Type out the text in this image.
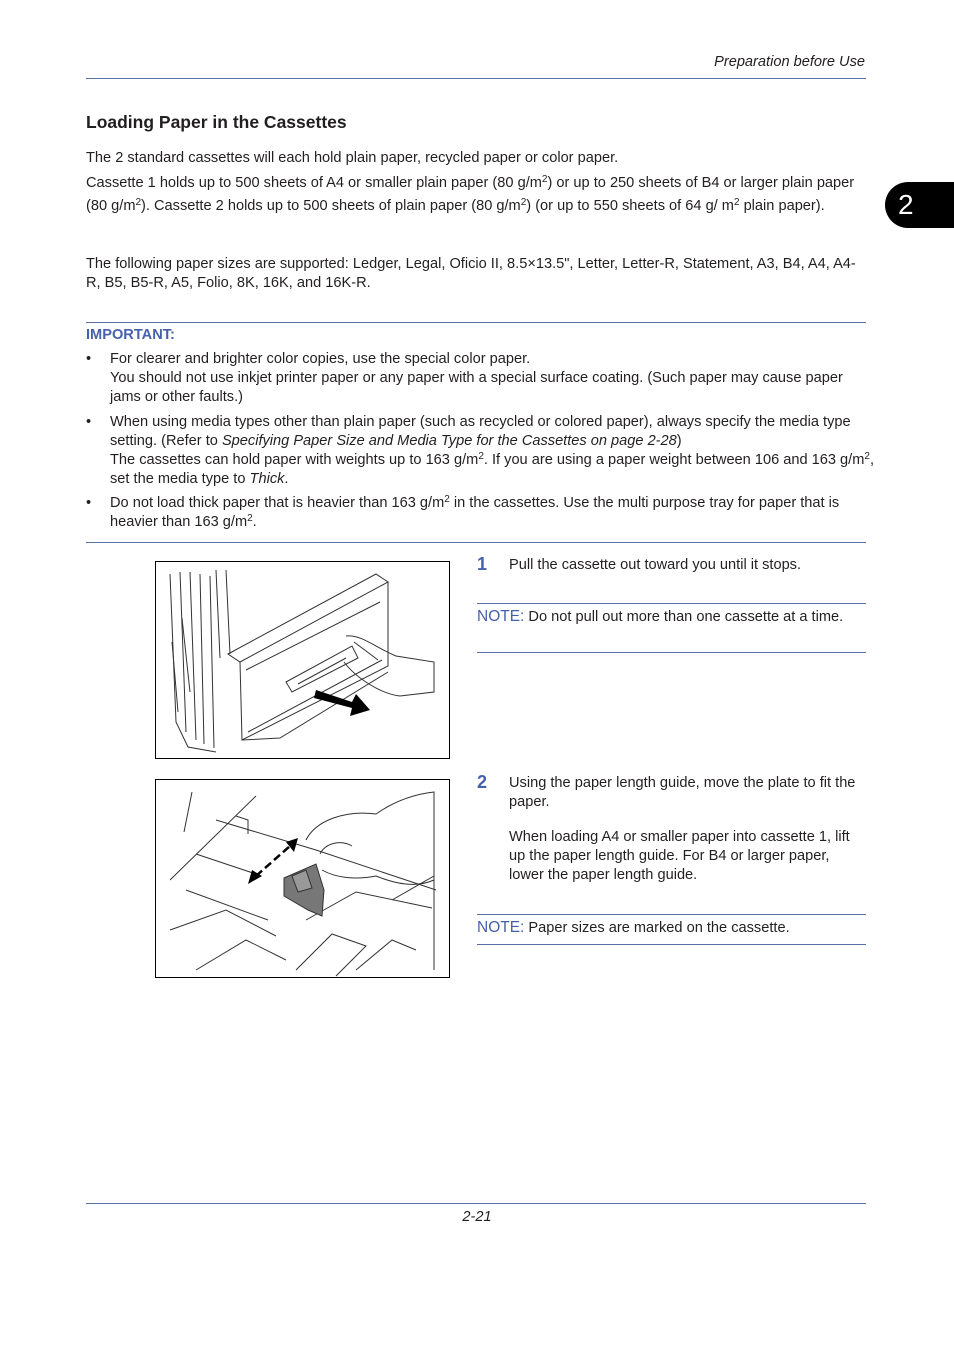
Preparation before Use
2
Loading Paper in the Cassettes
The 2 standard cassettes will each hold plain paper, recycled paper or color paper.
Cassette 1 holds up to 500 sheets of A4 or smaller plain paper (80 $g/m^2$) or up to 250 sheets of B4 or larger plain paper (80 $g/m^2$). Cassette 2 holds up to 500 sheets of plain paper (80 $g/m^2$) (or up to 550 sheets of 64 g/ $m^2$ plain paper).
The following paper sizes are supported: Ledger, Legal, Oficio II, 8.5×13.5", Letter, Letter-R, Statement, A3, B4, A4, A4-R, B5, B5-R, A5, Folio, 8K, 16K, and 16K-R.
IMPORTANT:
• For clearer and brighter color copies, use the special color paper.
You should not use inkjet printer paper or any paper with a special surface coating. (Such paper may cause paper jams or other faults.)
• When using media types other than plain paper (such as recycled or colored paper), always specify the media type setting. (Refer to Specifying Paper Size and Media Type for the Cassettes on page 2-28)
The cassettes can hold paper with weights up to 163 $g/m^2$. If you are using a paper weight between 106 and 163 $g/m^2$, set the media type to Thick.
• Do not load thick paper that is heavier than 163 $g/m^2$ in the cassettes. Use the multi purpose tray for paper that is heavier than 163 $g/m^2$.
1 Pull the cassette out toward you until it stops.
NOTE: Do not pull out more than one cassette at a time.
2 Using the paper length guide, move the plate to fit the paper.
When loading A4 or smaller paper into cassette 1, lift up the paper length guide. For B4 or larger paper, lower the paper length guide.
NOTE: Paper sizes are marked on the cassette.
2-21
